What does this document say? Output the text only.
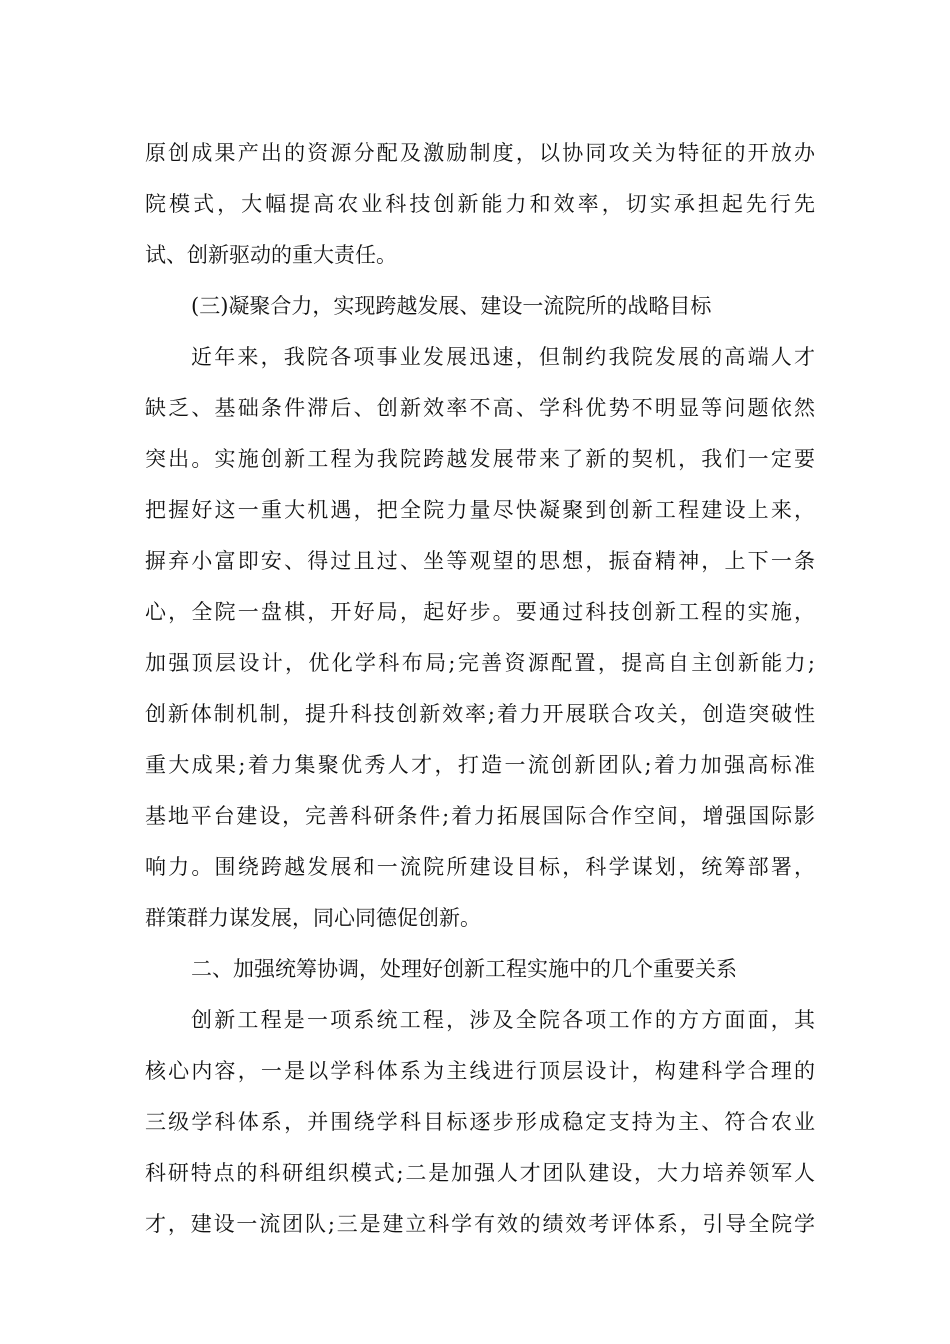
原创成果产出的资源分配及激励制度，以协同攻关为特征的开放办
院模式，大幅提高农业科技创新能力和效率，切实承担起先行先
试、创新驱动的重大责任。
(三)凝聚合力，实现跨越发展、建设一流院所的战略目标
近年来，我院各项事业发展迅速，但制约我院发展的高端人才
缺乏、基础条件滞后、创新效率不高、学科优势不明显等问题依然
突出。实施创新工程为我院跨越发展带来了新的契机，我们一定要
把握好这一重大机遇，把全院力量尽快凝聚到创新工程建设上来，
摒弃小富即安、得过且过、坐等观望的思想，振奋精神，上下一条
心，全院一盘棋，开好局，起好步。要通过科技创新工程的实施，
加强顶层设计，优化学科布局;完善资源配置，提高自主创新能力;
创新体制机制，提升科技创新效率;着力开展联合攻关，创造突破性
重大成果;着力集聚优秀人才，打造一流创新团队;着力加强高标准
基地平台建设，完善科研条件;着力拓展国际合作空间，增强国际影
响力。围绕跨越发展和一流院所建设目标，科学谋划，统筹部署，
群策群力谋发展，同心同德促创新。
二、加强统筹协调，处理好创新工程实施中的几个重要关系
创新工程是一项系统工程，涉及全院各项工作的方方面面，其
核心内容，一是以学科体系为主线进行顶层设计，构建科学合理的
三级学科体系，并围绕学科目标逐步形成稳定支持为主、符合农业
科研特点的科研组织模式;二是加强人才团队建设，大力培养领军人
才，建设一流团队;三是建立科学有效的绩效考评体系，引导全院学
